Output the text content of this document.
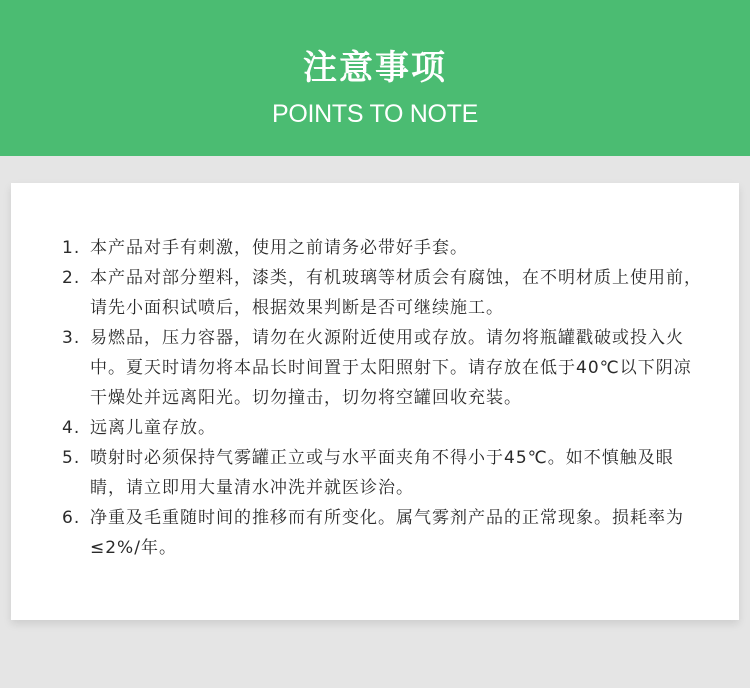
注意事项
POINTS TO NOTE
1. 本产品对手有刺激，使用之前请务必带好手套。
2. 本产品对部分塑料，漆类，有机玻璃等材质会有腐蚀，在不明材质上使用前，请先小面积试喷后，根据效果判断是否可继续施工。
3. 易燃品，压力容器，请勿在火源附近使用或存放。请勿将瓶罐戳破或投入火中。夏天时请勿将本品长时间置于太阳照射下。请存放在低于40℃以下阴凉干燥处并远离阳光。切勿撞击，切勿将空罐回收充装。
4. 远离儿童存放。
5. 喷射时必须保持气雾罐正立或与水平面夹角不得小于45℃。如不慎触及眼睛，请立即用大量清水冲洗并就医诊治。
6. 净重及毛重随时间的推移而有所变化。属气雾剂产品的正常现象。损耗率为≤2%/年。
